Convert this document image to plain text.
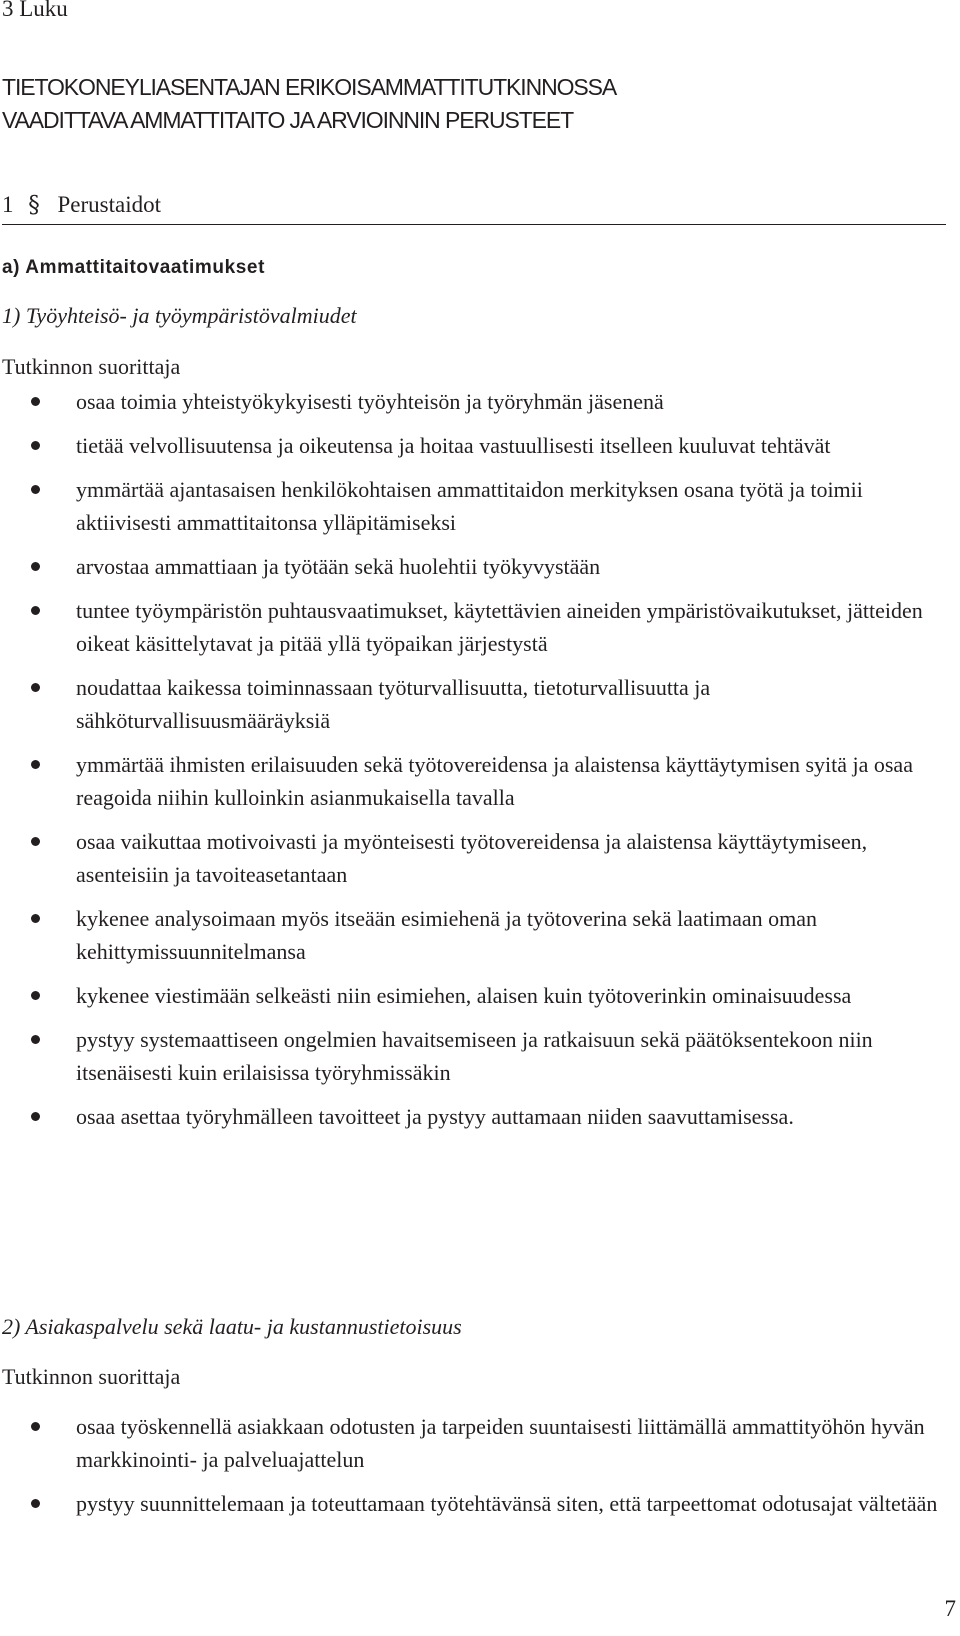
3 Luku
TIETOKONEYLIASENTAJAN ERIKOISAMMATTITUTKINNOSSA
VAADITTAVA AMMATTITAITO JA ARVIOINNIN PERUSTEET
1 § Perustaidot
a) Ammattitaitovaatimukset
1) Työyhteisö- ja työympäristövalmiudet
Tutkinnon suorittaja
osaa toimia yhteistyökykyisesti työyhteisön ja työryhmän jäsenenä
tietää velvollisuutensa ja oikeutensa ja hoitaa vastuullisesti itselleen kuuluvat tehtävät
ymmärtää ajantasaisen henkilökohtaisen ammattitaidon merkityksen osana työtä ja toimii aktiivisesti ammattitaitonsa ylläpitämiseksi
arvostaa ammattiaan ja työtään sekä huolehtii työkyvystään
tuntee työympäristön puhtausvaatimukset, käytettävien aineiden ympäristövaikutukset, jätteiden oikeat käsittelytavat ja pitää yllä työpaikan järjestystä
noudattaa kaikessa toiminnassaan työturvallisuutta, tietoturvallisuutta ja sähköturvallisuusmääräyksiä
ymmärtää ihmisten erilaisuuden sekä työtovereidensa ja alaistensa käyttäytymisen syitä ja osaa reagoida niihin kulloinkin asianmukaisella tavalla
osaa vaikuttaa motivoivasti ja myönteisesti työtovereidensa ja alaistensa käyttäytymiseen, asenteisiin ja tavoiteasetantaan
kykenee analysoimaan myös itseään esimiehenä ja työtoverina sekä laatimaan oman kehittymissuunnitelmansa
kykenee viestimään selkeästi niin esimiehen, alaisen kuin työtoverinkin ominaisuudessa
pystyy systemaattiseen ongelmien havaitsemiseen ja ratkaisuun sekä päätöksentekoon niin itsenäisesti kuin erilaisissa työryhmissäkin
osaa asettaa työryhmälleen tavoitteet ja pystyy auttamaan niiden saavuttamisessa.
2) Asiakaspalvelu sekä laatu- ja kustannustietoisuus
Tutkinnon suorittaja
osaa työskennellä asiakkaan odotusten ja tarpeiden suuntaisesti liittämällä ammattityöhön hyvän markkinointi- ja palveluajattelun
pystyy suunnittelemaan ja toteuttamaan työtehtävänsä siten, että tarpeettomat odotusajat vältetään
7
